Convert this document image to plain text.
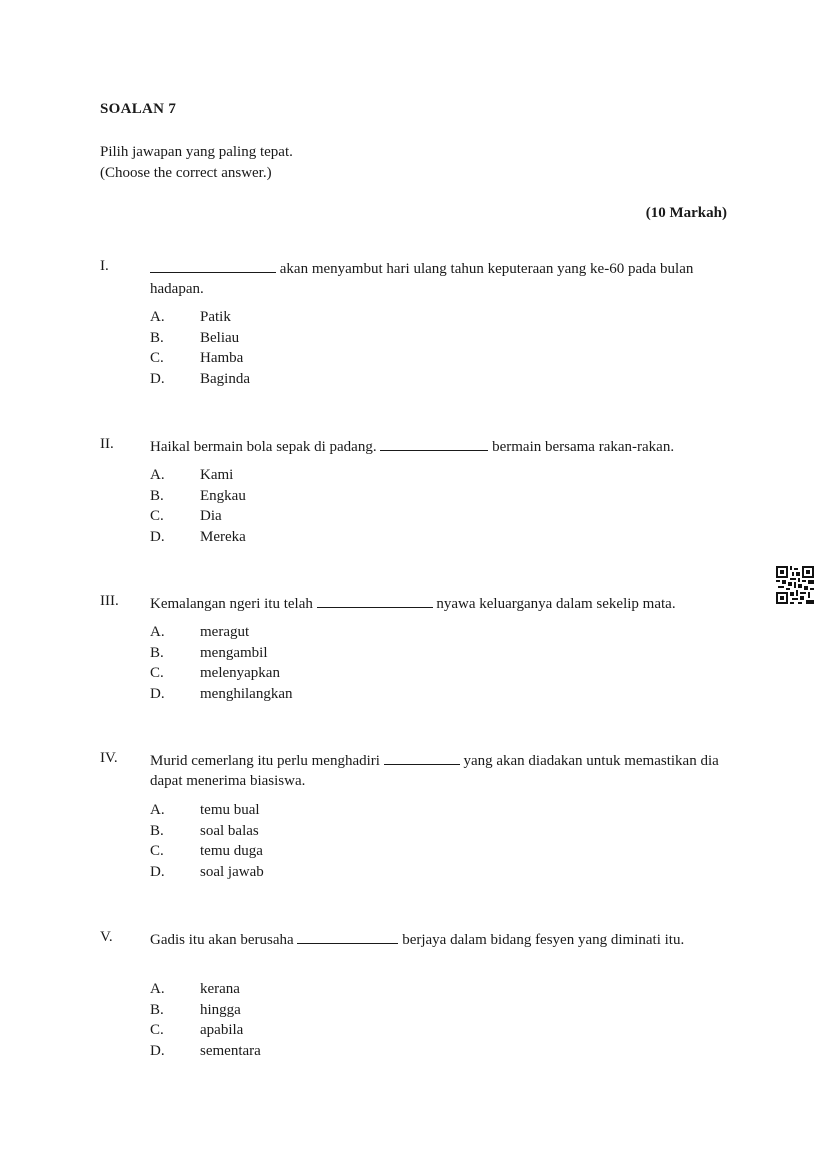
SOALAN 7
Pilih jawapan yang paling tepat.
(Choose the correct answer.)
(10 Markah)
I.	akan menyambut hari ulang tahun keputeraan yang ke-60 pada bulan hadapan.
A. Patik
B. Beliau
C. Hamba
D. Baginda
II. Haikal bermain bola sepak di padang.	bermain bersama rakan-rakan.
A. Kami
B. Engkau
C. Dia
D. Mereka
III. Kemalangan ngeri itu telah	nyawa keluarganya dalam sekelip mata.
A. meragut
B. mengambil
C. melenyapkan
D. menghilangkan
IV. Murid cemerlang itu perlu menghadiri	yang akan diadakan untuk memastikan dia dapat menerima biasiswa.
A. temu bual
B. soal balas
C. temu duga
D. soal jawab
V. Gadis itu akan berusaha	berjaya dalam bidang fesyen yang diminati itu.
A. kerana
B. hingga
C. apabila
D. sementara
